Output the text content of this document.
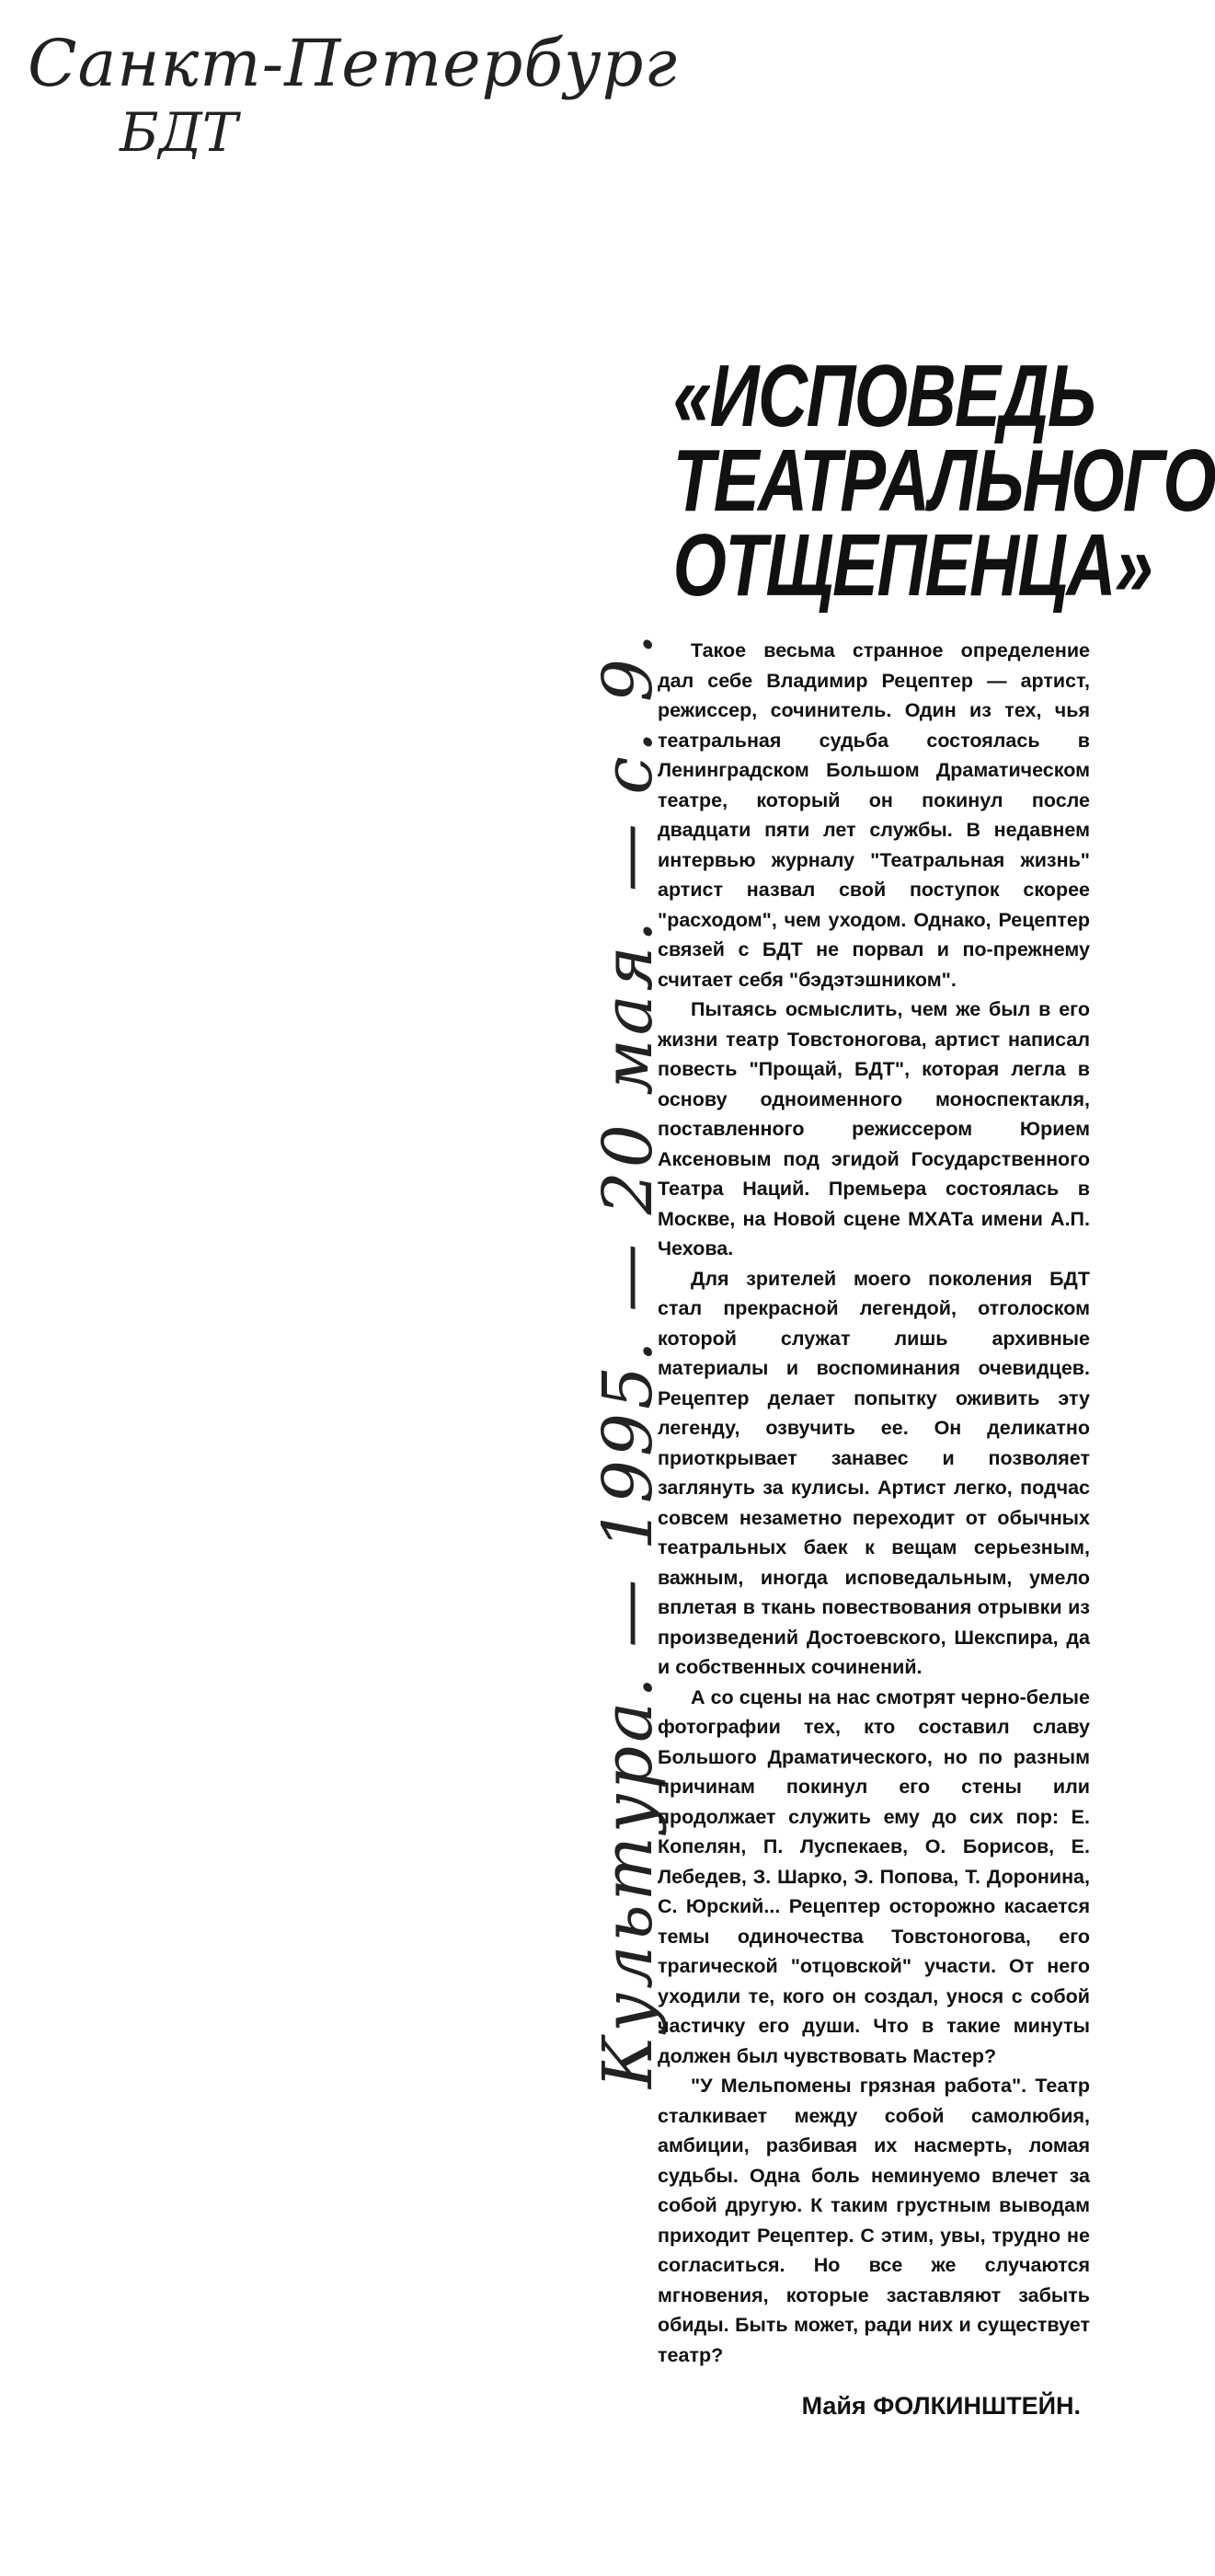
Санкт-Петербург
БДТ
Культура. — 1995. — 20 мая. — с. 9.
«ИСПОВЕДЬ ТЕАТРАЛЬНОГО ОТЩЕПЕНЦА»

Такое весьма странное определение дал себе Владимир Рецептер — артист, режиссер, сочинитель. Один из тех, чья театральная судьба состоялась в Ленинградском Большом Драматическом театре, который он покинул после двадцати пяти лет службы. В недавнем интервью журналу "Театральная жизнь" артист назвал свой поступок скорее "расходом", чем уходом. Однако, Рецептер связей с БДТ не порвал и по-прежнему считает себя "бэдэтэшником".

Пытаясь осмыслить, чем же был в его жизни театр Товстоногова, артист написал повесть "Прощай, БДТ", которая легла в основу одноименного моноспектакля, поставленного режиссером Юрием Аксеновым под эгидой Государственного Театра Наций. Премьера состоялась в Москве, на Новой сцене МХАТа имени А.П. Чехова.

Для зрителей моего поколения БДТ стал прекрасной легендой, отголоском которой служат лишь архивные материалы и воспоминания очевидцев. Рецептер делает попытку оживить эту легенду, озвучить ее. Он деликатно приоткрывает занавес и позволяет заглянуть за кулисы. Артист легко, подчас совсем незаметно переходит от обычных театральных баек к вещам серьезным, важным, иногда исповедальным, умело вплетая в ткань повествования отрывки из произведений Достоевского, Шекспира, да и собственных сочинений.

А со сцены на нас смотрят черно-белые фотографии тех, кто составил славу Большого Драматического, но по разным причинам покинул его стены или продолжает служить ему до сих пор: Е. Копелян, П. Луспекаев, О. Борисов, Е. Лебедев, З. Шарко, Э. Попова, Т. Доронина, С. Юрский... Рецептер осторожно касается темы одиночества Товстоногова, его трагической "отцовской" участи. От него уходили те, кого он создал, унося с собой частичку его души. Что в такие минуты должен был чувствовать Мастер?

"У Мельпомены грязная работа". Театр сталкивает между собой самолюбия, амбиции, разбивая их насмерть, ломая судьбы. Одна боль неминуемо влечет за собой другую. К таким грустным выводам приходит Рецептер. С этим, увы, трудно не согласиться. Но все же случаются мгновения, которые заставляют забыть обиды. Быть может, ради них и существует театр?

Майя ФОЛКИНШТЕЙН.
